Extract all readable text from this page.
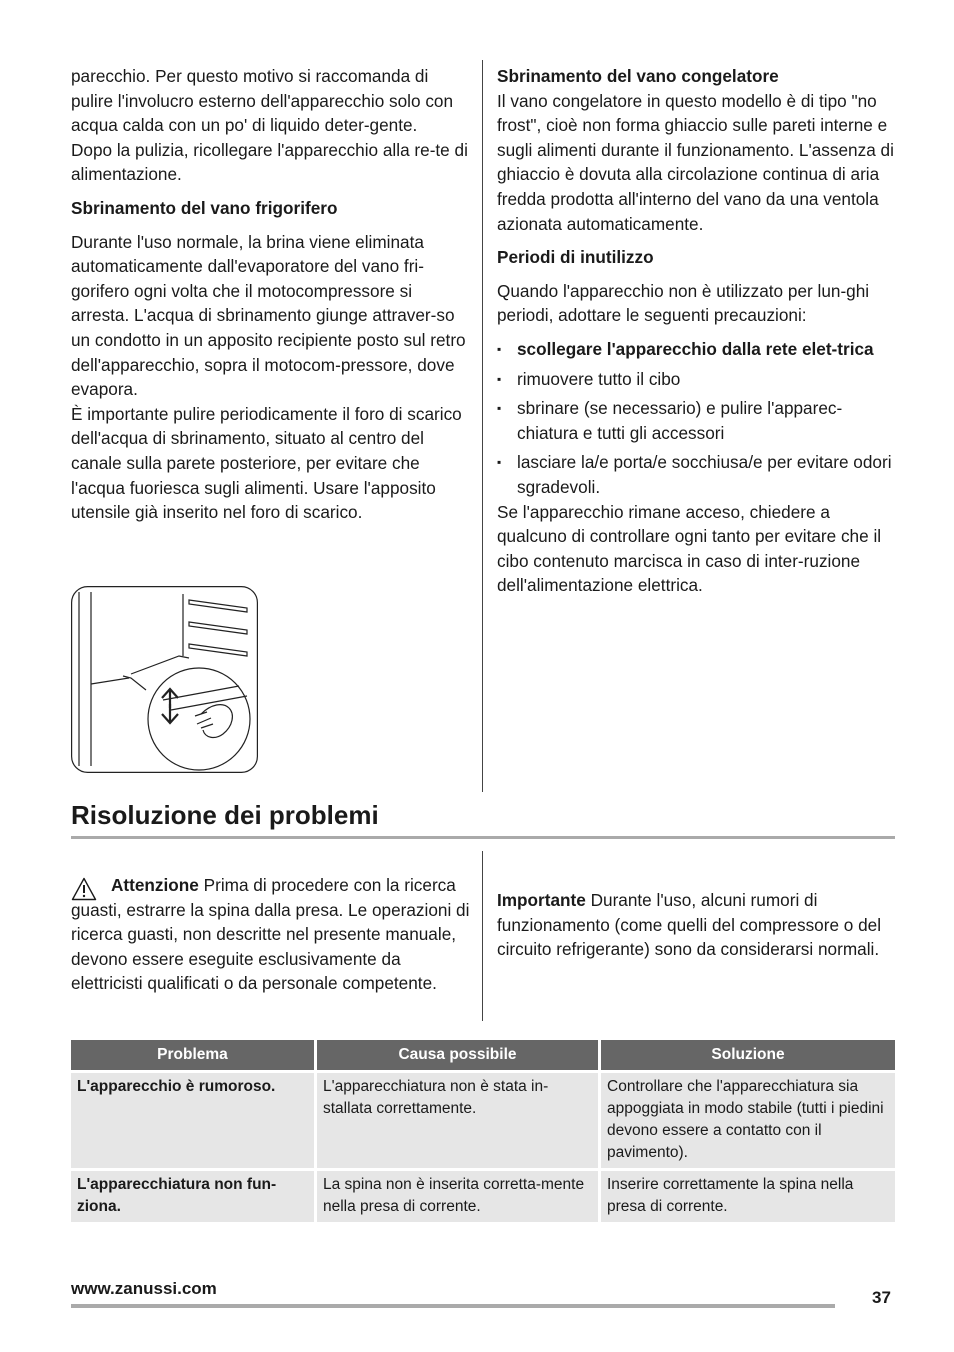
parecchio. Per questo motivo si raccomanda di pulire l'involucro esterno dell'apparecchio solo con acqua calda con un po' di liquido deter-gente.

Dopo la pulizia, ricollegare l'apparecchio alla re-te di alimentazione.

Sbrinamento del vano frigorifero

Durante l'uso normale, la brina viene eliminata automaticamente dall'evaporatore del vano fri-gorifero ogni volta che il motocompressore si arresta. L'acqua di sbrinamento giunge attraver-so un condotto in un apposito recipiente posto sul retro dell'apparecchio, sopra il motocom-pressore, dove evapora.

È importante pulire periodicamente il foro di scarico dell'acqua di sbrinamento, situato al centro del canale sulla parete posteriore, per evitare che l'acqua fuoriesca sugli alimenti. Usare l'apposito utensile già inserito nel foro di scarico.

Sbrinamento del vano congelatore

Il vano congelatore in questo modello è di tipo "no frost", cioè non forma ghiaccio sulle pareti interne e sugli alimenti durante il funzionamento. L'assenza di ghiaccio è dovuta alla circolazione continua di aria fredda prodotta all'interno del vano da una ventola azionata automaticamente.

Periodi di inutilizzo

Quando l'apparecchio non è utilizzato per lun-ghi periodi, adottare le seguenti precauzioni:

▪ scollegare l'apparecchio dalla rete elet-trica
▪ rimuovere tutto il cibo
▪ sbrinare (se necessario) e pulire l'apparec-chiatura e tutti gli accessori
▪ lasciare la/e porta/e socchiusa/e per evitare odori sgradevoli.

Se l'apparecchio rimane acceso, chiedere a qualcuno di controllare ogni tanto per evitare che il cibo contenuto marcisca in caso di inter-ruzione dell'alimentazione elettrica.

Risoluzione dei problemi

Attenzione Prima di procedere con la ricerca guasti, estrarre la spina dalla presa. Le operazioni di ricerca guasti, non descritte nel presente manuale, devono essere eseguite esclusivamente da elettricisti qualificati o da personale competente.

Importante Durante l'uso, alcuni rumori di funzionamento (come quelli del compressore o del circuito refrigerante) sono da considerarsi normali.

Problema	Causa possibile	Soluzione
L'apparecchio è rumoroso.	L'apparecchiatura non è stata in-stallata correttamente.	Controllare che l'apparecchiatura sia appoggiata in modo stabile (tutti i piedini devono essere a contatto con il pavimento).
L'apparecchiatura non fun-ziona.	La spina non è inserita corretta-mente nella presa di corrente.	Inserire correttamente la spina nella presa di corrente.
www.zanussi.com	37
